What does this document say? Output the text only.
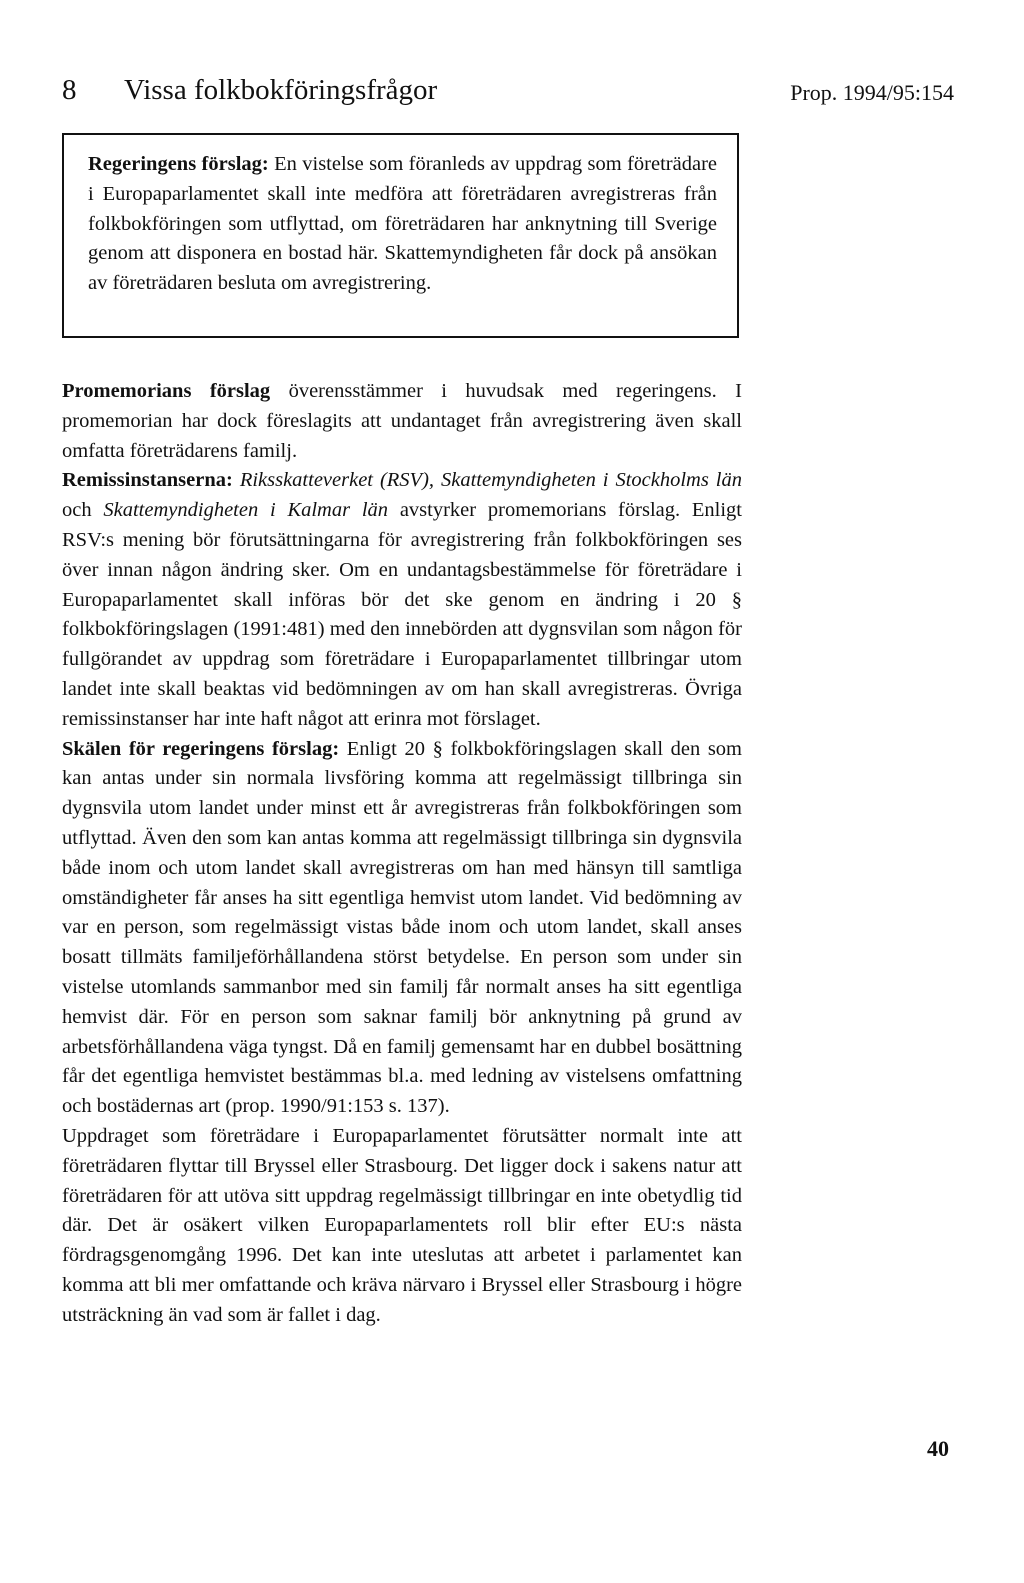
8 Vissa folkbokföringsfrågor	Prop. 1994/95:154
Regeringens förslag: En vistelse som föranleds av uppdrag som företrädare i Europaparlamentet skall inte medföra att företrädaren avregistreras från folkbokföringen som utflyttad, om företrädaren har anknytning till Sverige genom att disponera en bostad här. Skattemyndigheten får dock på ansökan av företrädaren besluta om avregistrering.

Promemorians förslag överensstämmer i huvudsak med regeringens. I promemorian har dock föreslagits att undantaget från avregistrering även skall omfatta företrädarens familj.

Remissinstanserna: Riksskatteverket (RSV), Skattemyndigheten i Stockholms län och Skattemyndigheten i Kalmar län avstyrker promemorians förslag. Enligt RSV:s mening bör förutsättningarna för avregistrering från folkbokföringen ses över innan någon ändring sker. Om en undantagsbestämmelse för företrädare i Europaparlamentet skall införas bör det ske genom en ändring i 20 § folkbokföringslagen (1991:481) med den innebörden att dygnsvilan som någon för fullgörandet av uppdrag som företrädare i Europaparlamentet tillbringar utom landet inte skall beaktas vid bedömningen av om han skall avregistreras. Övriga remissinstanser har inte haft något att erinra mot förslaget.

Skälen för regeringens förslag: Enligt 20 § folkbokföringslagen skall den som kan antas under sin normala livsföring komma att regelmässigt tillbringa sin dygnsvila utom landet under minst ett år avregistreras från folkbokföringen som utflyttad. Även den som kan antas komma att regelmässigt tillbringa sin dygnsvila både inom och utom landet skall avregistreras om han med hänsyn till samtliga omständigheter får anses ha sitt egentliga hemvist utom landet. Vid bedömning av var en person, som regelmässigt vistas både inom och utom landet, skall anses bosatt tillmäts familjeförhållandena störst betydelse. En person som under sin vistelse utomlands sammanbor med sin familj får normalt anses ha sitt egentliga hemvist där. För en person som saknar familj bör anknytning på grund av arbetsförhållandena väga tyngst. Då en familj gemensamt har en dubbel bosättning får det egentliga hemvistet bestämmas bl.a. med ledning av vistelsens omfattning och bostädernas art (prop. 1990/91:153 s. 137).

Uppdraget som företrädare i Europaparlamentet förutsätter normalt inte att företrädaren flyttar till Bryssel eller Strasbourg. Det ligger dock i sakens natur att företrädaren för att utöva sitt uppdrag regelmässigt tillbringar en inte obetydlig tid där. Det är osäkert vilken Europaparlamentets roll blir efter EU:s nästa fördragsgenomgång 1996. Det kan inte uteslutas att arbetet i parlamentet kan komma att bli mer omfattande och kräva närvaro i Bryssel eller Strasbourg i högre utsträckning än vad som är fallet i dag.

40
